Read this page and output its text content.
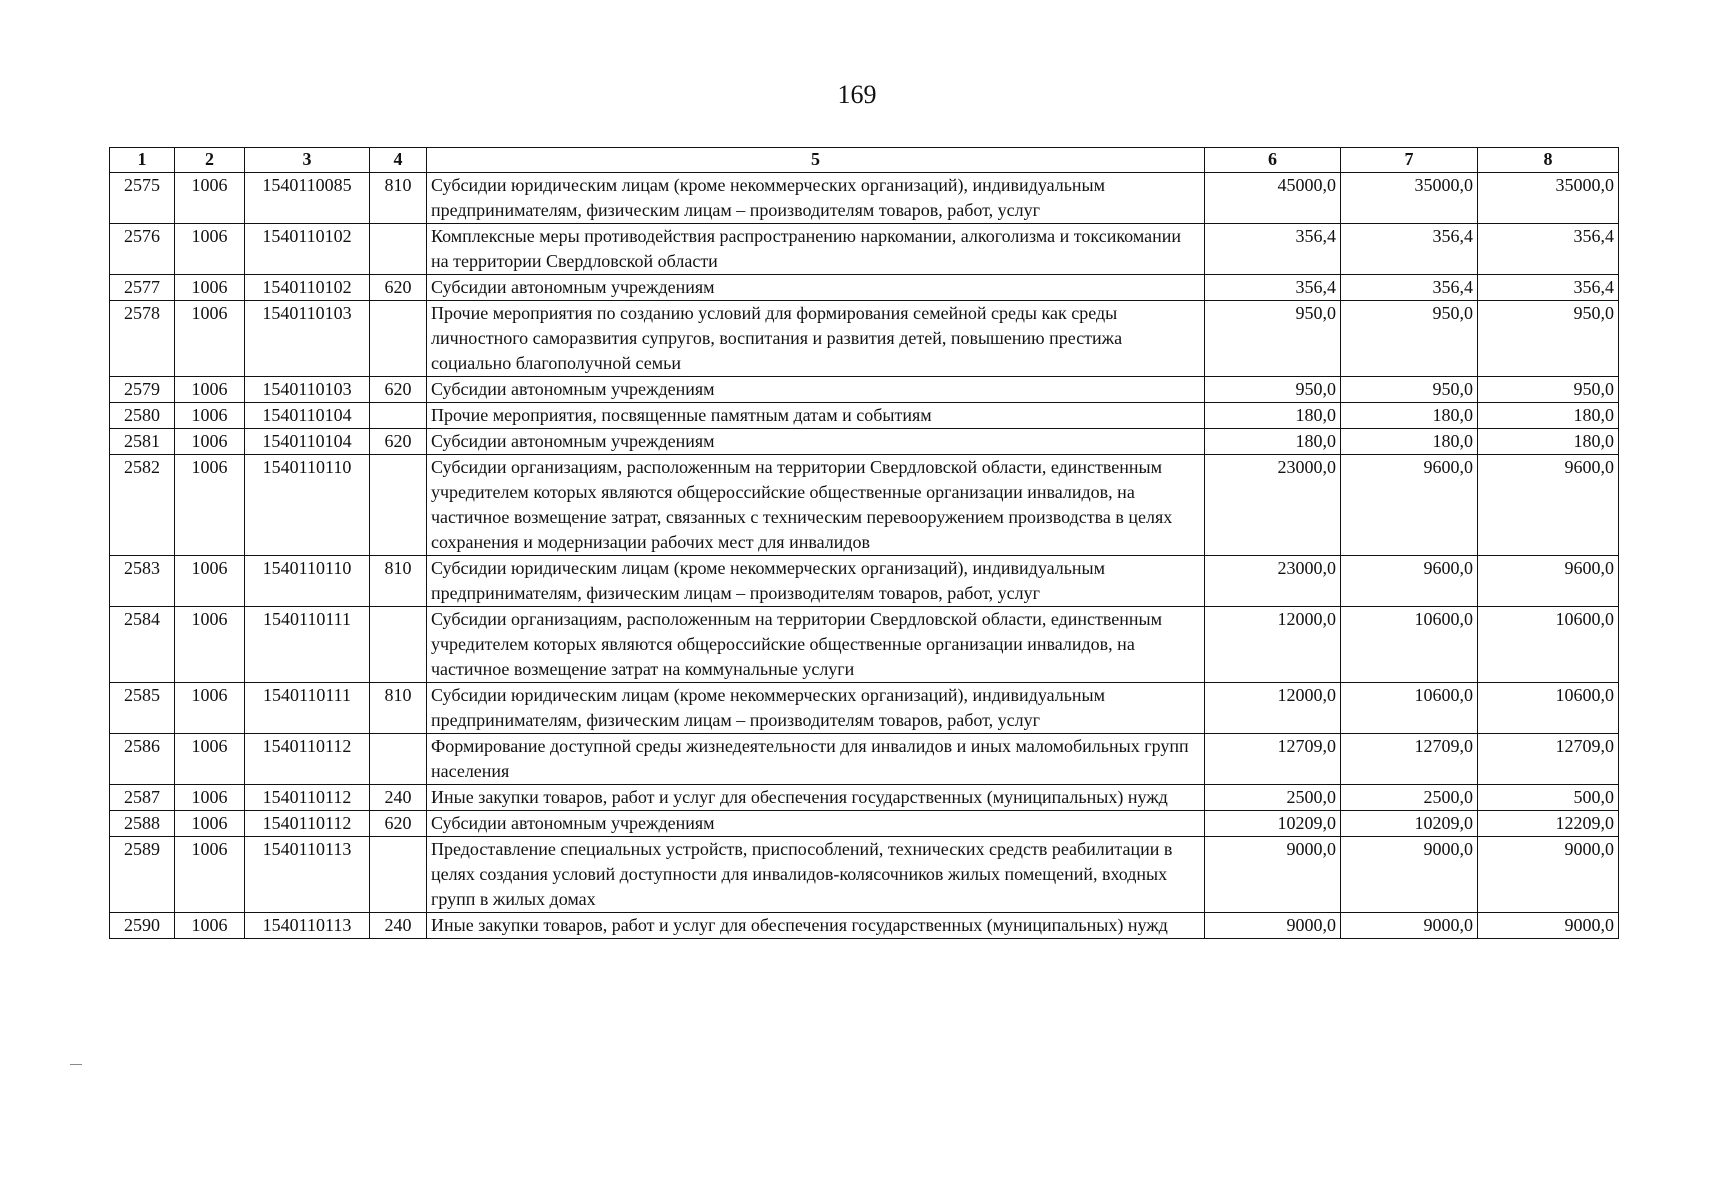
169
1	2	3	4	5	6	7	8
2575	1006	1540110085	810	Субсидии юридическим лицам (кроме некоммерческих организаций), индивидуальным предпринимателям, физическим лицам – производителям товаров, работ, услуг	45000,0	35000,0	35000,0
2576	1006	1540110102		Комплексные меры противодействия распространению наркомании, алкоголизма и токсикомании на территории Свердловской области	356,4	356,4	356,4
2577	1006	1540110102	620	Субсидии автономным учреждениям	356,4	356,4	356,4
2578	1006	1540110103		Прочие мероприятия по созданию условий для формирования семейной среды как среды личностного саморазвития супругов, воспитания и развития детей, повышению престижа социально благополучной семьи	950,0	950,0	950,0
2579	1006	1540110103	620	Субсидии автономным учреждениям	950,0	950,0	950,0
2580	1006	1540110104		Прочие мероприятия, посвященные памятным датам и событиям	180,0	180,0	180,0
2581	1006	1540110104	620	Субсидии автономным учреждениям	180,0	180,0	180,0
2582	1006	1540110110		Субсидии организациям, расположенным на территории Свердловской области, единственным учредителем которых являются общероссийские общественные организации инвалидов, на частичное возмещение затрат, связанных с техническим перевооружением производства в целях сохранения и модернизации рабочих мест для инвалидов	23000,0	9600,0	9600,0
2583	1006	1540110110	810	Субсидии юридическим лицам (кроме некоммерческих организаций), индивидуальным предпринимателям, физическим лицам – производителям товаров, работ, услуг	23000,0	9600,0	9600,0
2584	1006	1540110111		Субсидии организациям, расположенным на территории Свердловской области, единственным учредителем которых являются общероссийские общественные организации инвалидов, на частичное возмещение затрат на коммунальные услуги	12000,0	10600,0	10600,0
2585	1006	1540110111	810	Субсидии юридическим лицам (кроме некоммерческих организаций), индивидуальным предпринимателям, физическим лицам – производителям товаров, работ, услуг	12000,0	10600,0	10600,0
2586	1006	1540110112		Формирование доступной среды жизнедеятельности для инвалидов и иных маломобильных групп населения	12709,0	12709,0	12709,0
2587	1006	1540110112	240	Иные закупки товаров, работ и услуг для обеспечения государственных (муниципальных) нужд	2500,0	2500,0	500,0
2588	1006	1540110112	620	Субсидии автономным учреждениям	10209,0	10209,0	12209,0
2589	1006	1540110113		Предоставление специальных устройств, приспособлений, технических средств реабилитации в целях создания условий доступности для инвалидов-колясочников жилых помещений, входных групп в жилых домах	9000,0	9000,0	9000,0
2590	1006	1540110113	240	Иные закупки товаров, работ и услуг для обеспечения государственных (муниципальных) нужд	9000,0	9000,0	9000,0
